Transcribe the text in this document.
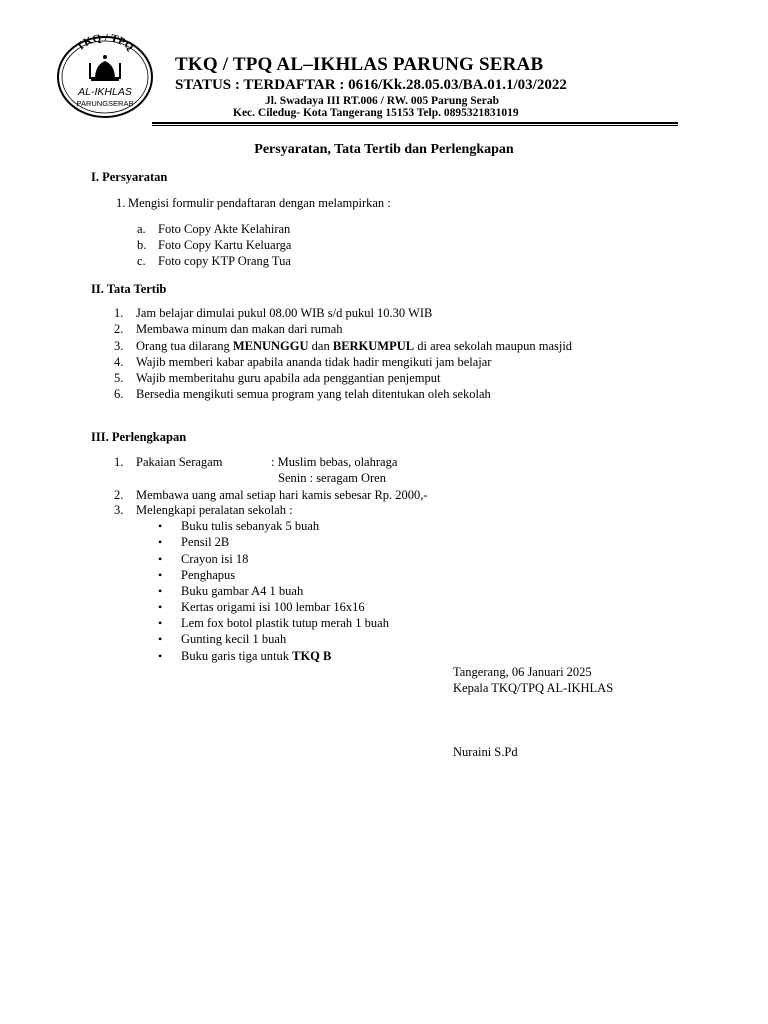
TKQ / TPQ
AL-IKHLAS
PARUNGSERAB
TKQ / TPQ AL–IKHLAS PARUNG SERAB
STATUS : TERDAFTAR : 0616/Kk.28.05.03/BA.01.1/03/2022
Jl. Swadaya III RT.006 / RW. 005 Parung Serab
Kec. Ciledug- Kota Tangerang 15153 Telp. 0895321831019
Persyaratan, Tata Tertib dan Perlengkapan
I. Persyaratan
1. Mengisi formulir pendaftaran dengan melampirkan :
a. Foto Copy Akte Kelahiran
b. Foto Copy Kartu Keluarga
c. Foto copy KTP Orang Tua
II. Tata Tertib
1. Jam belajar dimulai pukul 08.00 WIB s/d pukul 10.30 WIB
2. Membawa minum dan makan dari rumah
3. Orang tua dilarang MENUNGGU dan BERKUMPUL di area sekolah maupun masjid
4. Wajib memberi kabar apabila ananda tidak hadir mengikuti jam belajar
5. Wajib memberitahu guru apabila ada penggantian penjemput
6. Bersedia mengikuti semua program yang telah ditentukan oleh sekolah
III. Perlengkapan
1. Pakaian Seragam	: Muslim bebas, olahraga
Senin : seragam Oren
2. Membawa uang amal setiap hari kamis sebesar Rp. 2000,-
3. Melengkapi peralatan sekolah :
• Buku tulis sebanyak 5 buah
• Pensil 2B
• Crayon isi 18
• Penghapus
• Buku gambar A4 1 buah
• Kertas origami isi 100 lembar 16x16
• Lem fox botol plastik tutup merah 1 buah
• Gunting kecil 1 buah
• Buku garis tiga untuk TKQ B
Tangerang, 06 Januari 2025
Kepala TKQ/TPQ AL-IKHLAS
Nuraini S.Pd
